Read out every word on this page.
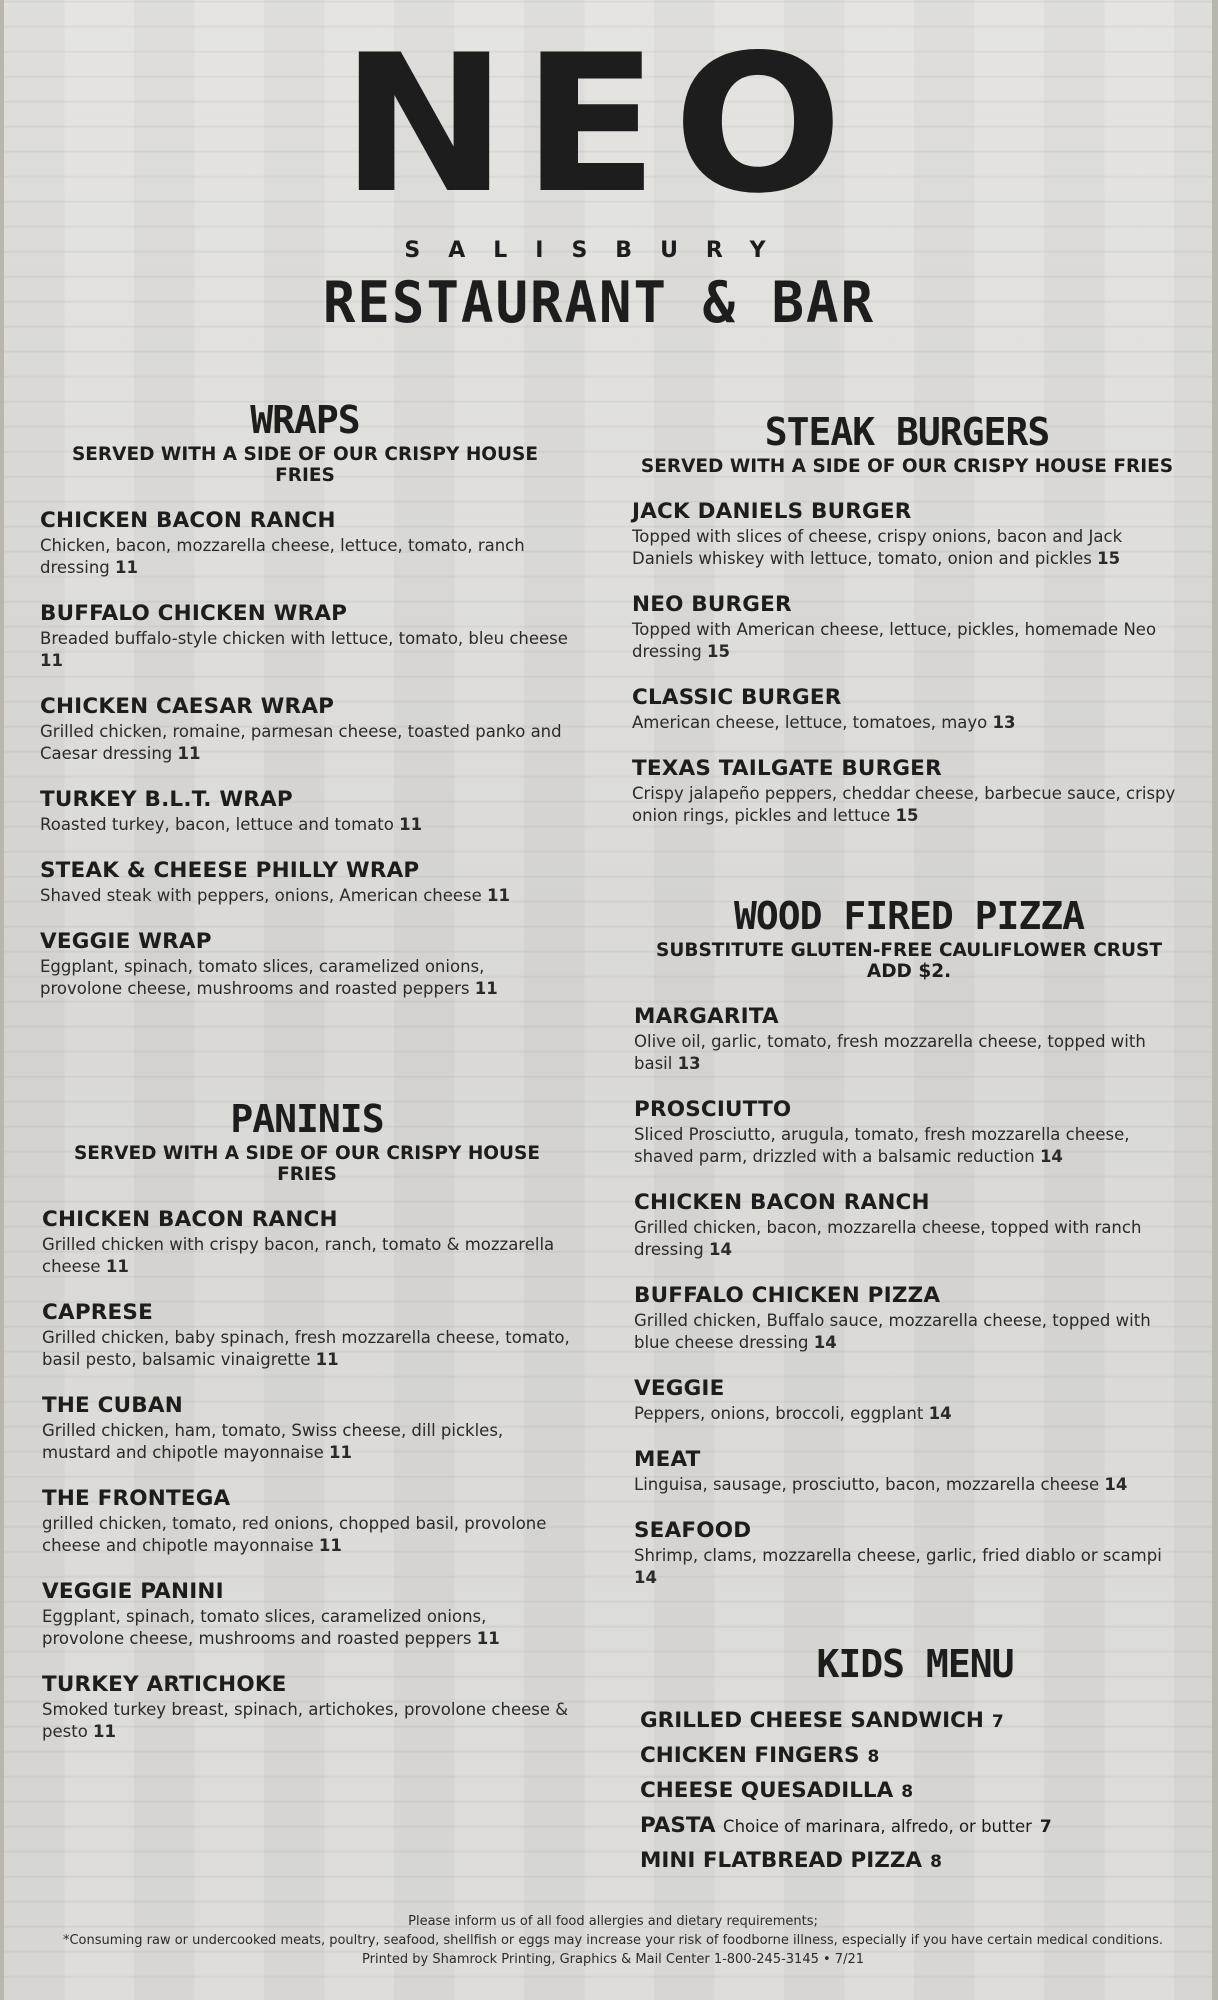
NEO
SALISBURY
RESTAURANT & BAR
WRAPS
SERVED WITH A SIDE OF OUR CRISPY HOUSE FRIES
CHICKEN BACON RANCH
Chicken, bacon, mozzarella cheese, lettuce, tomato, ranch dressing 11
BUFFALO CHICKEN WRAP
Breaded buffalo-style chicken with lettuce, tomato, bleu cheese 11
CHICKEN CAESAR WRAP
Grilled chicken, romaine, parmesan cheese, toasted panko and Caesar dressing 11
TURKEY B.L.T. WRAP
Roasted turkey, bacon, lettuce and tomato 11
STEAK & CHEESE PHILLY WRAP
Shaved steak with peppers, onions, American cheese 11
VEGGIE WRAP
Eggplant, spinach, tomato slices, caramelized onions, provolone cheese, mushrooms and roasted peppers 11
PANINIS
SERVED WITH A SIDE OF OUR CRISPY HOUSE FRIES
CHICKEN BACON RANCH
Grilled chicken with crispy bacon, ranch, tomato & mozzarella cheese 11
CAPRESE
Grilled chicken, baby spinach, fresh mozzarella cheese, tomato, basil pesto, balsamic vinaigrette 11
THE CUBAN
Grilled chicken, ham, tomato, Swiss cheese, dill pickles, mustard and chipotle mayonnaise 11
THE FRONTEGA
grilled chicken, tomato, red onions, chopped basil, provolone cheese and chipotle mayonnaise 11
VEGGIE PANINI
Eggplant, spinach, tomato slices, caramelized onions, provolone cheese, mushrooms and roasted peppers 11
TURKEY ARTICHOKE
Smoked turkey breast, spinach, artichokes, provolone cheese & pesto 11
STEAK BURGERS
SERVED WITH A SIDE OF OUR CRISPY HOUSE FRIES
JACK DANIELS BURGER
Topped with slices of cheese, crispy onions, bacon and Jack Daniels whiskey with lettuce, tomato, onion and pickles 15
NEO BURGER
Topped with American cheese, lettuce, pickles, homemade Neo dressing 15
CLASSIC BURGER
American cheese, lettuce, tomatoes, mayo 13
TEXAS TAILGATE BURGER
Crispy jalapeño peppers, cheddar cheese, barbecue sauce, crispy onion rings, pickles and lettuce 15
WOOD FIRED PIZZA
SUBSTITUTE GLUTEN-FREE CAULIFLOWER CRUST ADD $2.
MARGARITA
Olive oil, garlic, tomato, fresh mozzarella cheese, topped with basil 13
PROSCIUTTO
Sliced Prosciutto, arugula, tomato, fresh mozzarella cheese, shaved parm, drizzled with a balsamic reduction 14
CHICKEN BACON RANCH
Grilled chicken, bacon, mozzarella cheese, topped with ranch dressing 14
BUFFALO CHICKEN PIZZA
Grilled chicken, Buffalo sauce, mozzarella cheese, topped with blue cheese dressing 14
VEGGIE
Peppers, onions, broccoli, eggplant 14
MEAT
Linguisa, sausage, prosciutto, bacon, mozzarella cheese 14
SEAFOOD
Shrimp, clams, mozzarella cheese, garlic, fried diablo or scampi 14
KIDS MENU
GRILLED CHEESE SANDWICH 7
CHICKEN FINGERS 8
CHEESE QUESADILLA 8
PASTA Choice of marinara, alfredo, or butter 7
MINI FLATBREAD PIZZA 8
Please inform us of all food allergies and dietary requirements;
*Consuming raw or undercooked meats, poultry, seafood, shellfish or eggs may increase your risk of foodborne illness, especially if you have certain medical conditions.
Printed by Shamrock Printing, Graphics & Mail Center 1-800-245-3145 • 7/21
